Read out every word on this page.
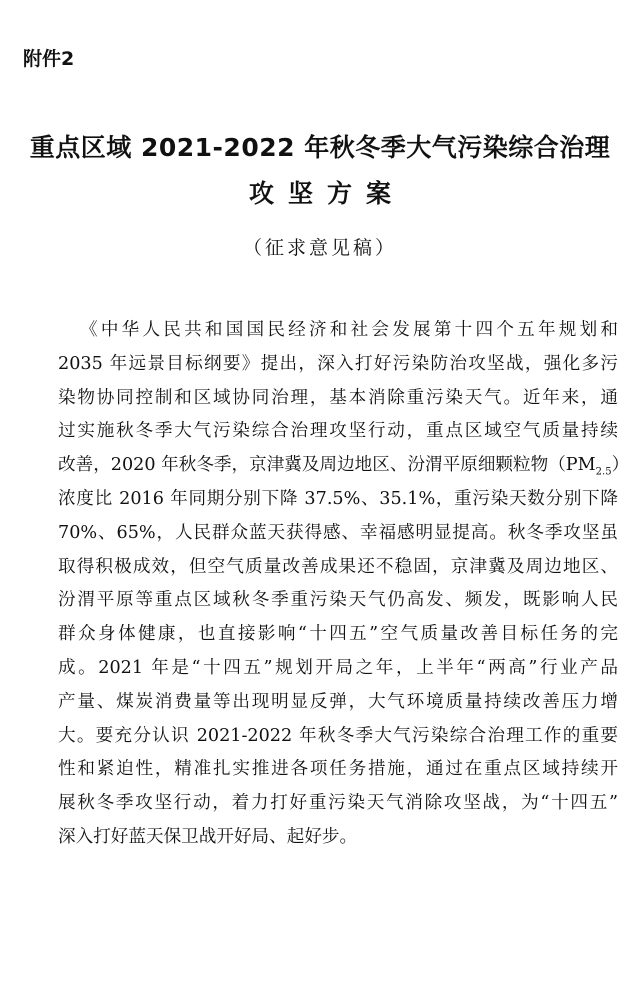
附件2
重点区域 2021-2022 年秋冬季大气污染综合治理
攻坚方案
（征求意见稿）
《中华人民共和国国民经济和社会发展第十四个五年规划和
2035 年远景目标纲要》提出，深入打好污染防治攻坚战，强化多污
染物协同控制和区域协同治理，基本消除重污染天气。近年来，通
过实施秋冬季大气污染综合治理攻坚行动，重点区域空气质量持续
改善，2020 年秋冬季，京津冀及周边地区、汾渭平原细颗粒物$(PM_{2.5})$
浓度比 2016 年同期分别下降 37.5%、35.1%，重污染天数分别下降
70%、65%，人民群众蓝天获得感、幸福感明显提高。秋冬季攻坚虽
取得积极成效，但空气质量改善成果还不稳固，京津冀及周边地区、
汾渭平原等重点区域秋冬季重污染天气仍高发、频发，既影响人民
群众身体健康，也直接影响“十四五”空气质量改善目标任务的完
成。2021 年是“十四五”规划开局之年，上半年“两高”行业产品
产量、煤炭消费量等出现明显反弹，大气环境质量持续改善压力增
大。要充分认识 2021-2022 年秋冬季大气污染综合治理工作的重要
性和紧迫性，精准扎实推进各项任务措施，通过在重点区域持续开
展秋冬季攻坚行动，着力打好重污染天气消除攻坚战，为“十四五”
深入打好蓝天保卫战开好局、起好步。
